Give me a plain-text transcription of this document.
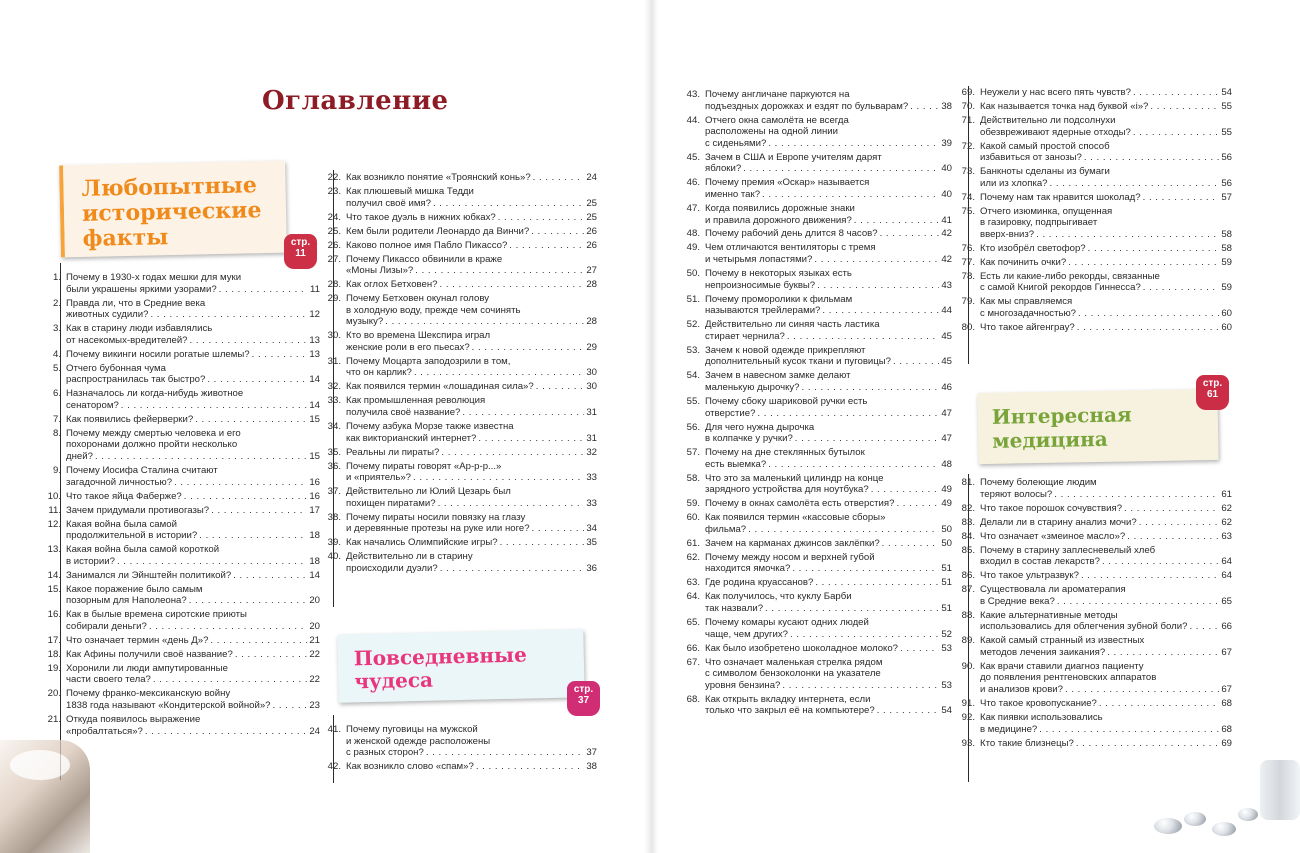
Оглавление
Любопытные
исторические
факты	стр.
11
Повседневные
чудеса	стр.
37
Интересная
медицина
стр.
61
1. Почему в 1930-х годах мешки для муки
были украшены яркими узорами? . . .	11
2. Правда ли, что в Средние века
животных судили? . . .	12
3. Как в старину люди избавлялись
от насекомых-вредителей? . . .	13
4. Почему викинги носили рогатые шлемы? . . .	13
5. Отчего бубонная чума
распространилась так быстро? . . .	14
6. Назначалось ли когда-нибудь животное
сенатором? . . .	14
7. Как появились фейерверки? . . .	15
8. Почему между смертью человека и его
похоронами должно пройти несколько
дней? . . .	15
9. Почему Иосифа Сталина считают
загадочной личностью? . . .	16
10. Что такое яйца Фаберже? . . .	16
11. Зачем придумали противогазы? . . .	17
12. Какая война была самой
продолжительной в истории? . . .	18
13. Какая война была самой короткой
в истории? . . .	18
14. Занимался ли Эйнштейн политикой? . . .	14
15. Какое поражение было самым
позорным для Наполеона? . . .	20
16. Как в былые времена сиротские приюты
собирали деньги? . . .	20
17. Что означает термин «день Д»? . . .	21
18. Как Афины получили своё название? . . .	22
19. Хоронили ли люди ампутированные
части своего тела? . . .	22
20. Почему франко-мексиканскую войну
1838 года называют «Кондитерской войной»? . . .	23
21. Откуда появилось выражение
«пробалтаться»? . . .	24
22. Как возникло понятие «Троянский конь»? . . .	24
23. Как плюшевый мишка Тедди
получил своё имя? . . .	25
24. Что такое дуэль в нижних юбках? . . .	25
25. Кем были родители Леонардо да Винчи? . . .	26
26. Каково полное имя Пабло Пикассо? . . .	26
27. Почему Пикассо обвинили в краже
«Моны Лизы»? . . .	27
28. Как оглох Бетховен? . . .	28
29. Почему Бетховен окунал голову
в холодную воду, прежде чем сочинять
музыку? . . .	28
30. Кто во времена Шекспира играл
женские роли в его пьесах? . . .	29
31. Почему Моцарта заподозрили в том,
что он карлик? . . .	30
32. Как появился термин «лошадиная сила»? . . .	30
33. Как промышленная революция
получила своё название? . . .	31
34. Почему азбука Морзе также известна
как викторианский интернет? . . .	31
35. Реальны ли пираты? . . .	32
36. Почему пираты говорят «Ар-р-р...»
и «приятель»? . . .	33
37. Действительно ли Юлий Цезарь был
похищен пиратами? . . .	33
38. Почему пираты носили повязку на глазу
и деревянные протезы на руке или ноге? . . .	34
39. Как начались Олимпийские игры? . . .	35
40. Действительно ли в старину
происходили дуэли? . . .	36
41. Почему пуговицы на мужской
и женской одежде расположены
с разных сторон? . . .	37
42. Как возникло слово «спам»? . . .	38
43. Почему англичане паркуются на
подъездных дорожках и ездят по бульварам? . . .	38
44. Отчего окна самолёта не всегда
расположены на одной линии
с сиденьями? . . .	39
45. Зачем в США и Европе учителям дарят
яблоки? . . .	40
46. Почему премия «Оскар» называется
именно так? . . .	40
47. Когда появились дорожные знаки
и правила дорожного движения? . . .	41
48. Почему рабочий день длится 8 часов? . . .	42
49. Чем отличаются вентиляторы с тремя
и четырьмя лопастями? . . .	42
50. Почему в некоторых языках есть
непроизносимые буквы? . . .	43
51. Почему проморолики к фильмам
называются трейлерами? . . .	44
52. Действительно ли синяя часть ластика
стирает чернила? . . .	45
53. Зачем к новой одежде прикрепляют
дополнительный кусок ткани и пуговицы? . . .	45
54. Зачем в навесном замке делают
маленькую дырочку? . . .	46
55. Почему сбоку шариковой ручки есть
отверстие? . . .	47
56. Для чего нужна дырочка
в колпачке у ручки? . . .	47
57. Почему на дне стеклянных бутылок
есть выемка? . . .	48
58. Что это за маленький цилиндр на конце
зарядного устройства для ноутбука? . . .	49
59. Почему в окнах самолёта есть отверстия? . . .	49
60. Как появился термин «кассовые сборы»
фильма? . . .	50
61. Зачем на карманах джинсов заклёпки? . . .	50
62. Почему между носом и верхней губой
находится ямочка? . . .	51
63. Где родина круассанов? . . .	51
64. Как получилось, что куклу Барби
так назвали? . . .	51
65. Почему комары кусают одних людей
чаще, чем других? . . .	52
66. Как было изобретено шоколадное молоко? . . .	53
67. Что означает маленькая стрелка рядом
с символом бензоколонки на указателе
уровня бензина? . . .	53
68. Как открыть вкладку интернета, если
только что закрыл её на компьютере? . . .	54
69. Неужели у нас всего пять чувств? . . .	54
70. Как называется точка над буквой «i»? . . .	55
71. Действительно ли подсолнухи
обезвреживают ядерные отходы? . . .	55
72. Какой самый простой способ
избавиться от занозы? . . .	56
73. Банкноты сделаны из бумаги
или из хлопка? . . .	56
74. Почему нам так нравится шоколад? . . .	57
75. Отчего изюминка, опущенная
в газировку, подпрыгивает
вверх-вниз? . . .	58
76. Кто изобрёл светофор? . . .	58
77. Как починить очки? . . .	59
78. Есть ли какие-либо рекорды, связанные
с самой Книгой рекордов Гиннесса? . . .	59
79. Как мы справляемся
с многозадачностью? . . .	60
80. Что такое айгенграу? . . .	60
81. Почему болеющие людим
теряют волосы? . . .	61
82. Что такое порошок сочувствия? . . .	62
83. Делали ли в старину анализ мочи? . . .	62
84. Что означает «змеиное масло»? . . .	63
85. Почему в старину заплесневелый хлеб
входил в состав лекарств? . . .	64
86. Что такое ультразвук? . . .	64
87. Существовала ли ароматерапия
в Средние века? . . .	65
88. Какие альтернативные методы
использовались для облегчения зубной боли? . . .	66
89. Какой самый странный из известных
методов лечения заикания? . . .	67
90. Как врачи ставили диагноз пациенту
до появления рентгеновских аппаратов
и анализов крови? . . .	67
91. Что такое кровопускание? . . .	68
92. Как пиявки использовались
в медицине? . . .	68
93. Кто такие близнецы? . . .	69
